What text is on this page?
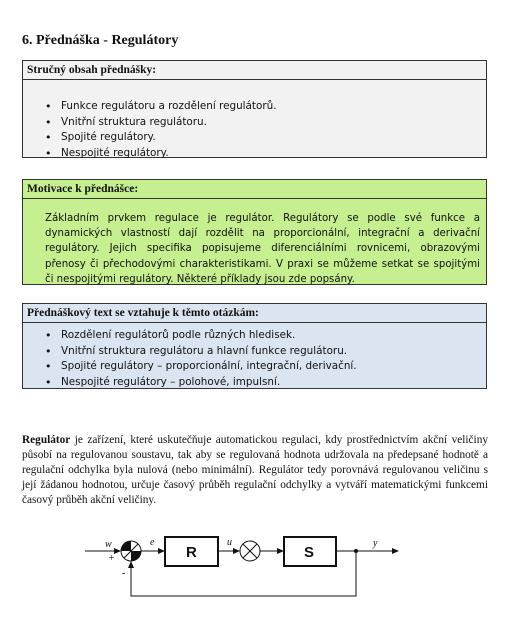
6. Přednáška - Regulátory
Stručný obsah přednášky:
• Funkce regulátoru a rozdělení regulátorů.
• Vnitřní struktura regulátoru.
• Spojité regulátory.
• Nespojité regulátory.
Motivace k přednášce:
Základním prvkem regulace je regulátor. Regulátory se podle své funkce a dynamických vlastností dají rozdělit na proporcionální, integrační a derivační regulátory. Jejich specifika popisujeme diferenciálními rovnicemi, obrazovými přenosy či přechodovými charakteristikami. V praxi se můžeme setkat se spojitými či nespojitými regulátory. Některé příklady jsou zde popsány.
Přednáškový text se vztahuje k těmto otázkám:
• Rozdělení regulátorů podle různých hledisek.
• Vnitřní struktura regulátoru a hlavní funkce regulátoru.
• Spojité regulátory – proporcionální, integrační, derivační.
• Nespojité regulátory – polohové, impulsní.
Regulátor je zařízení, které uskutečňuje automatickou regulaci, kdy prostřednictvím akční veličiny působí na regulovanou soustavu, tak aby se regulovaná hodnota udržovala na předepsané hodnotě a regulační odchylka byla nulová (nebo minimální). Regulátor tedy porovnává regulovanou veličinu s její žádanou hodnotou, určuje časový průběh regulační odchylky a vytváří matematickými funkcemi časový průběh akční veličiny.
w
+
e
R
u
S
y
-
